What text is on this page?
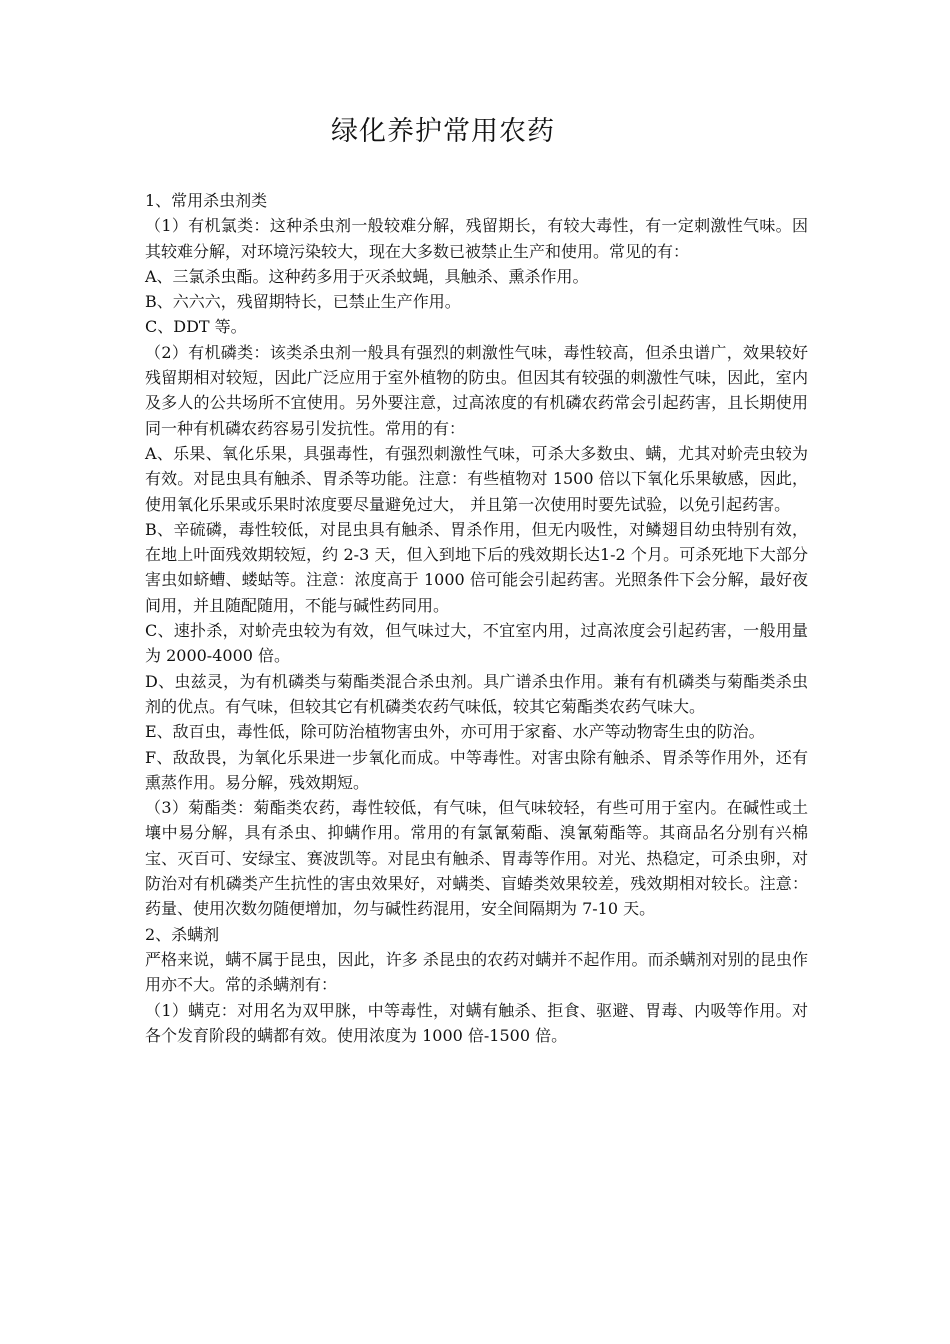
绿化养护常用农药

1、常用杀虫剂类

（1）有机氯类：这种杀虫剂一般较难分解，残留期长，有较大毒性，有一定刺激性气味。因其较难分解，对环境污染较大，现在大多数已被禁止生产和使用。常见的有：

A、三氯杀虫酯。这种药多用于灭杀蚊蝇，具触杀、熏杀作用。

B、六六六，残留期特长，已禁止生产作用。

C、DDT 等。

（2）有机磷类：该类杀虫剂一般具有强烈的刺激性气味，毒性较高，但杀虫谱广，效果较好残留期相对较短，因此广泛应用于室外植物的防虫。但因其有较强的刺激性气味，因此，室内及多人的公共场所不宜使用。另外要注意，过高浓度的有机磷农药常会引起药害，且长期使用同一种有机磷农药容易引发抗性。常用的有：

A、乐果、氧化乐果，具强毒性，有强烈刺激性气味，可杀大多数虫、螨，尤其对蚧壳虫较为有效。对昆虫具有触杀、胃杀等功能。注意：有些植物对 1500 倍以下氧化乐果敏感，因此，使用氧化乐果或乐果时浓度要尽量避免过大， 并且第一次使用时要先试验，以免引起药害。

B、辛硫磷，毒性较低，对昆虫具有触杀、胃杀作用，但无内吸性，对鳞翅目幼虫特别有效，在地上叶面残效期较短，约 2-3 天，但入到地下后的残效期长达1-2 个月。可杀死地下大部分害虫如蛴螬、蝼蛄等。注意：浓度高于 1000 倍可能会引起药害。光照条件下会分解，最好夜间用，并且随配随用，不能与碱性药同用。

C、速扑杀，对蚧壳虫较为有效，但气味过大，不宜室内用，过高浓度会引起药害，一般用量为 2000-4000 倍。

D、虫兹灵，为有机磷类与菊酯类混合杀虫剂。具广谱杀虫作用。兼有有机磷类与菊酯类杀虫剂的优点。有气味，但较其它有机磷类农药气味低，较其它菊酯类农药气味大。

E、敌百虫，毒性低，除可防治植物害虫外，亦可用于家畜、水产等动物寄生虫的防治。

F、敌敌畏，为氧化乐果进一步氧化而成。中等毒性。对害虫除有触杀、胃杀等作用外，还有熏蒸作用。易分解，残效期短。

（3）菊酯类：菊酯类农药，毒性较低，有气味，但气味较轻，有些可用于室内。在碱性或土壤中易分解，具有杀虫、抑螨作用。常用的有氯氰菊酯、溴氰菊酯等。其商品名分别有兴棉宝、灭百可、安绿宝、赛波凯等。对昆虫有触杀、胃毒等作用。对光、热稳定，可杀虫卵，对防治对有机磷类产生抗性的害虫效果好，对螨类、盲蝽类效果较差，残效期相对较长。注意：药量、使用次数勿随便增加，勿与碱性药混用，安全间隔期为 7-10 天。

2、杀螨剂

严格来说，螨不属于昆虫，因此，许多 杀昆虫的农药对螨并不起作用。而杀螨剂对别的昆虫作用亦不大。常的杀螨剂有：

（1）螨克：对用名为双甲脒，中等毒性，对螨有触杀、拒食、驱避、胃毒、内吸等作用。对各个发育阶段的螨都有效。使用浓度为 1000 倍-1500 倍。
